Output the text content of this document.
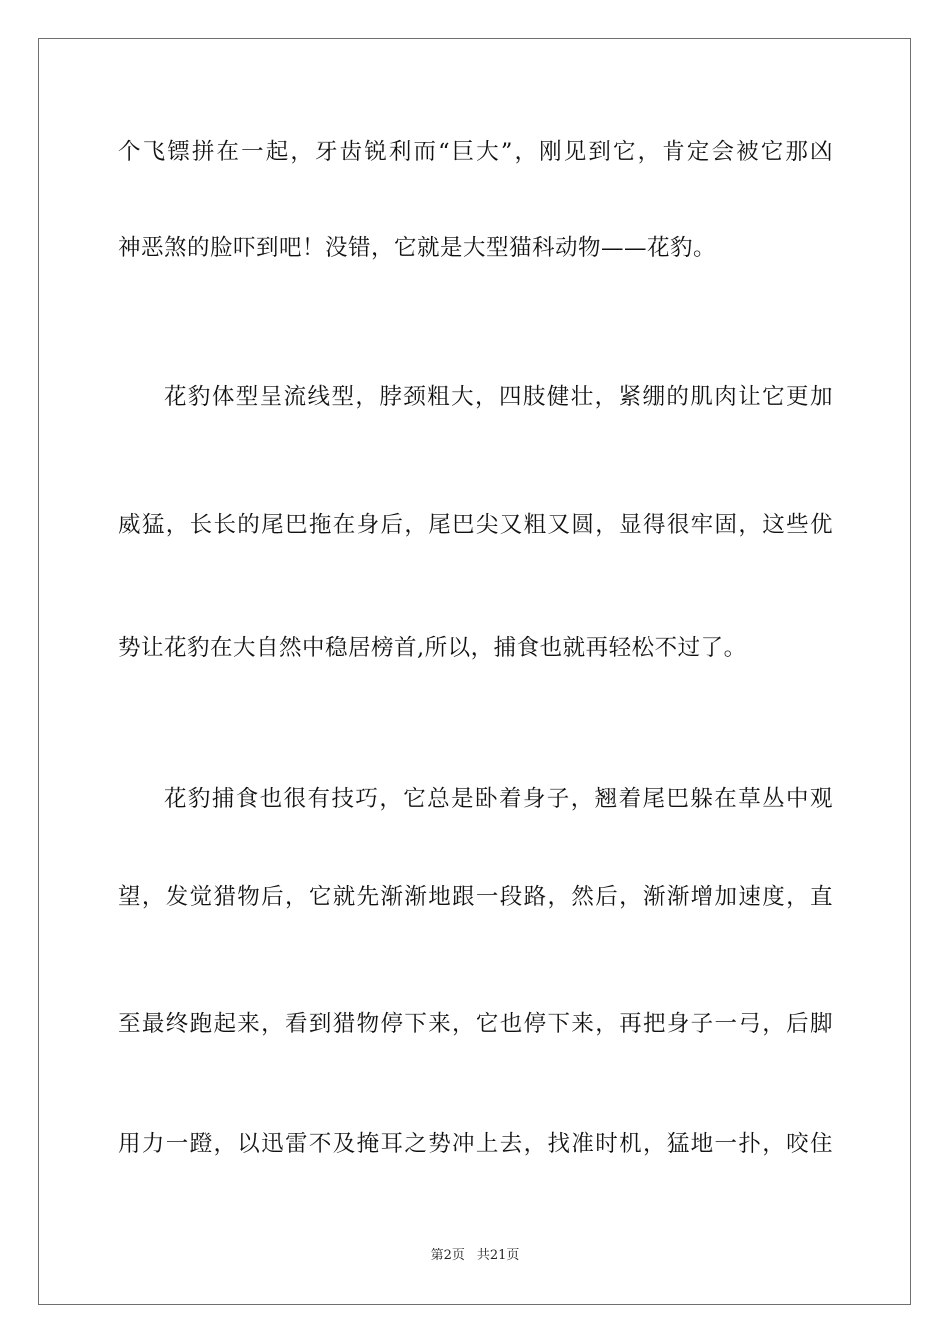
个飞镖拼在一起，牙齿锐利而“巨大”，刚见到它，肯定会被它那凶
神恶煞的脸吓到吧！没错，它就是大型猫科动物——花豹。
花豹体型呈流线型，脖颈粗大，四肢健壮，紧绷的肌肉让它更加
威猛，长长的尾巴拖在身后，尾巴尖又粗又圆，显得很牢固，这些优
势让花豹在大自然中稳居榜首,所以，捕食也就再轻松不过了。
花豹捕食也很有技巧，它总是卧着身子，翘着尾巴躲在草丛中观
望，发觉猎物后，它就先渐渐地跟一段路，然后，渐渐增加速度，直
至最终跑起来，看到猎物停下来，它也停下来，再把身子一弓，后脚
用力一蹬，以迅雷不及掩耳之势冲上去，找准时机，猛地一扑，咬住
第2页 共21页
